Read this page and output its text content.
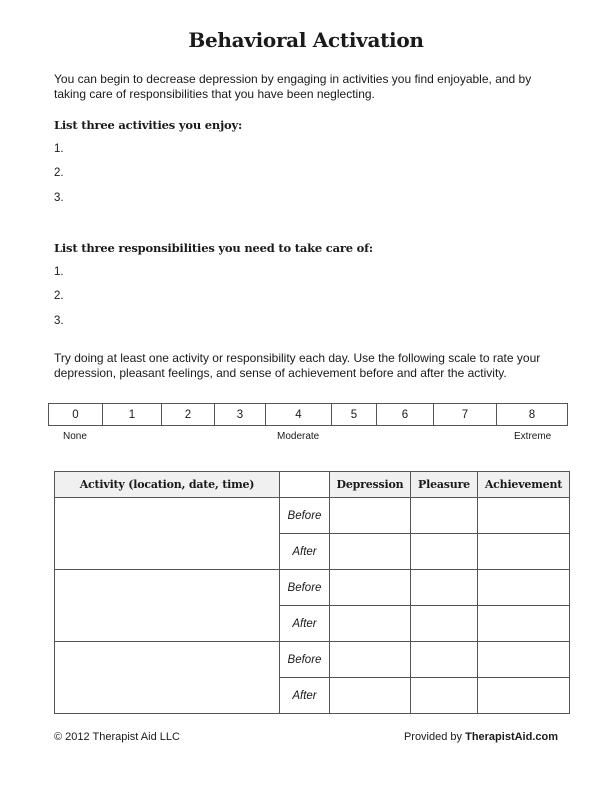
Behavioral Activation
You can begin to decrease depression by engaging in activities you find enjoyable, and by taking care of responsibilities that you have been neglecting.
List three activities you enjoy:
1.
2.
3.
List three responsibilities you need to take care of:
1.
2.
3.
Try doing at least one activity or responsibility each day. Use the following scale to rate your depression, pleasant feelings, and sense of achievement before and after the activity.
0	1	2	3	4	5	6	7	8
None	Moderate	Extreme
Activity (location, date, time)		Depression	Pleasure	Achievement
	Before			
	After			
	Before			
	After			
	Before			
	After			
© 2012 Therapist Aid LLC	Provided by TherapistAid.com
